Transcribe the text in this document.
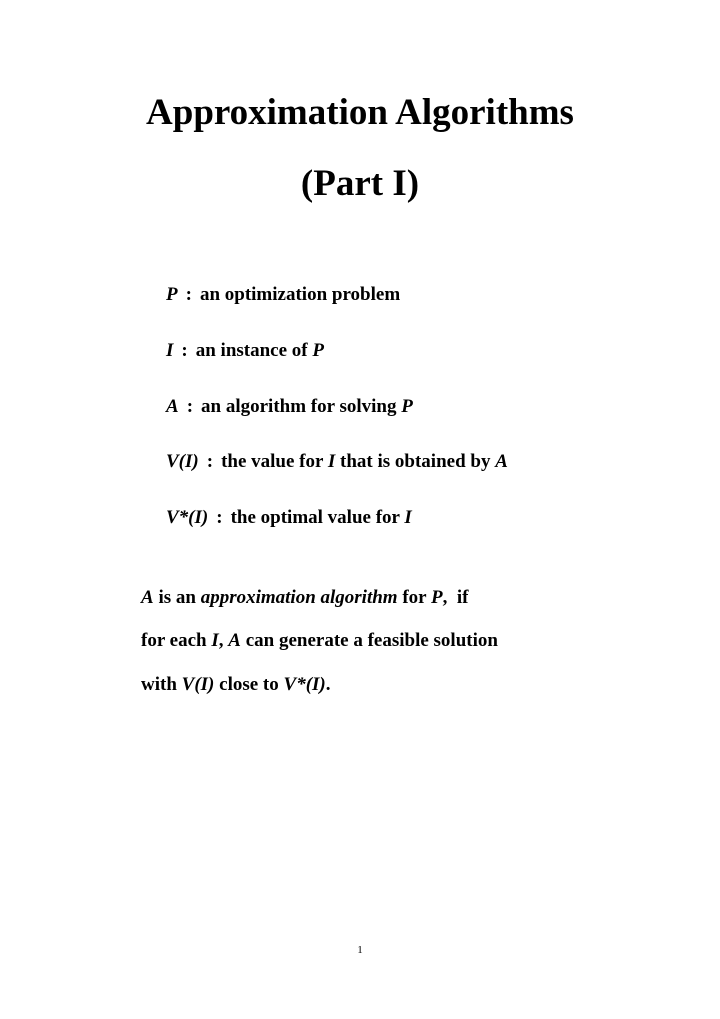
Approximation Algorithms
(Part I)
P : an optimization problem
I : an instance of P
A : an algorithm for solving P
V(I) : the value for I that is obtained by A
V*(I) : the optimal value for I
A is an approximation algorithm for P, if
for each I, A can generate a feasible solution
with V(I) close to V*(I).
1
